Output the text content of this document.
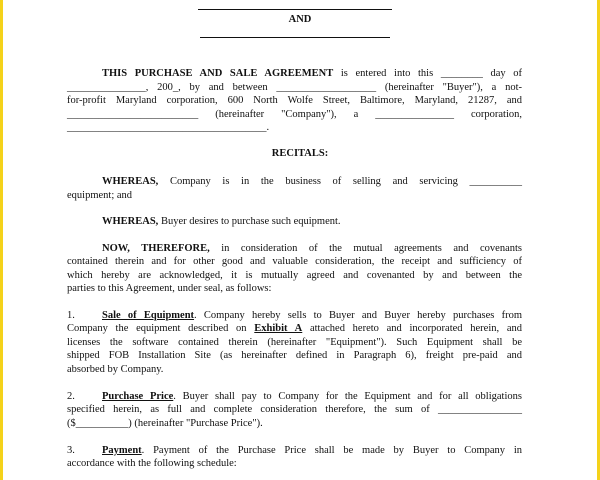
AND
THIS PURCHASE AND SALE AGREEMENT is entered into this ________ day of
_______________, 200_, by and between ___________________ (hereinafter "Buyer"), a not-
for-profit Maryland corporation, 600 North Wolfe Street, Baltimore, Maryland, 21287, and
_________________________ (hereinafter "Company"), a _______________ corporation,
______________________________________.
RECITALS:
WHEREAS, Company is in the business of selling and servicing __________
equipment; and
WHEREAS, Buyer desires to purchase such equipment.
NOW, THEREFORE, in consideration of the mutual agreements and covenants
contained therein and for other good and valuable consideration, the receipt and sufficiency of
which hereby are acknowledged, it is mutually agreed and covenanted by and between the
parties to this Agreement, under seal, as follows:
1.	Sale of Equipment. Company hereby sells to Buyer and Buyer hereby purchases from
Company the equipment described on Exhibit A attached hereto and incorporated herein, and
licenses the software contained therein (hereinafter "Equipment"). Such Equipment shall be
shipped FOB Installation Site (as hereinafter defined in Paragraph 6), freight pre-paid and
absorbed by Company.
2.	Purchase Price. Buyer shall pay to Company for the Equipment and for all obligations
specified herein, as full and complete consideration therefore, the sum of ________________
($__________) (hereinafter "Purchase Price").
3.	Payment. Payment of the Purchase Price shall be made by Buyer to Company in
accordance with the following schedule:
